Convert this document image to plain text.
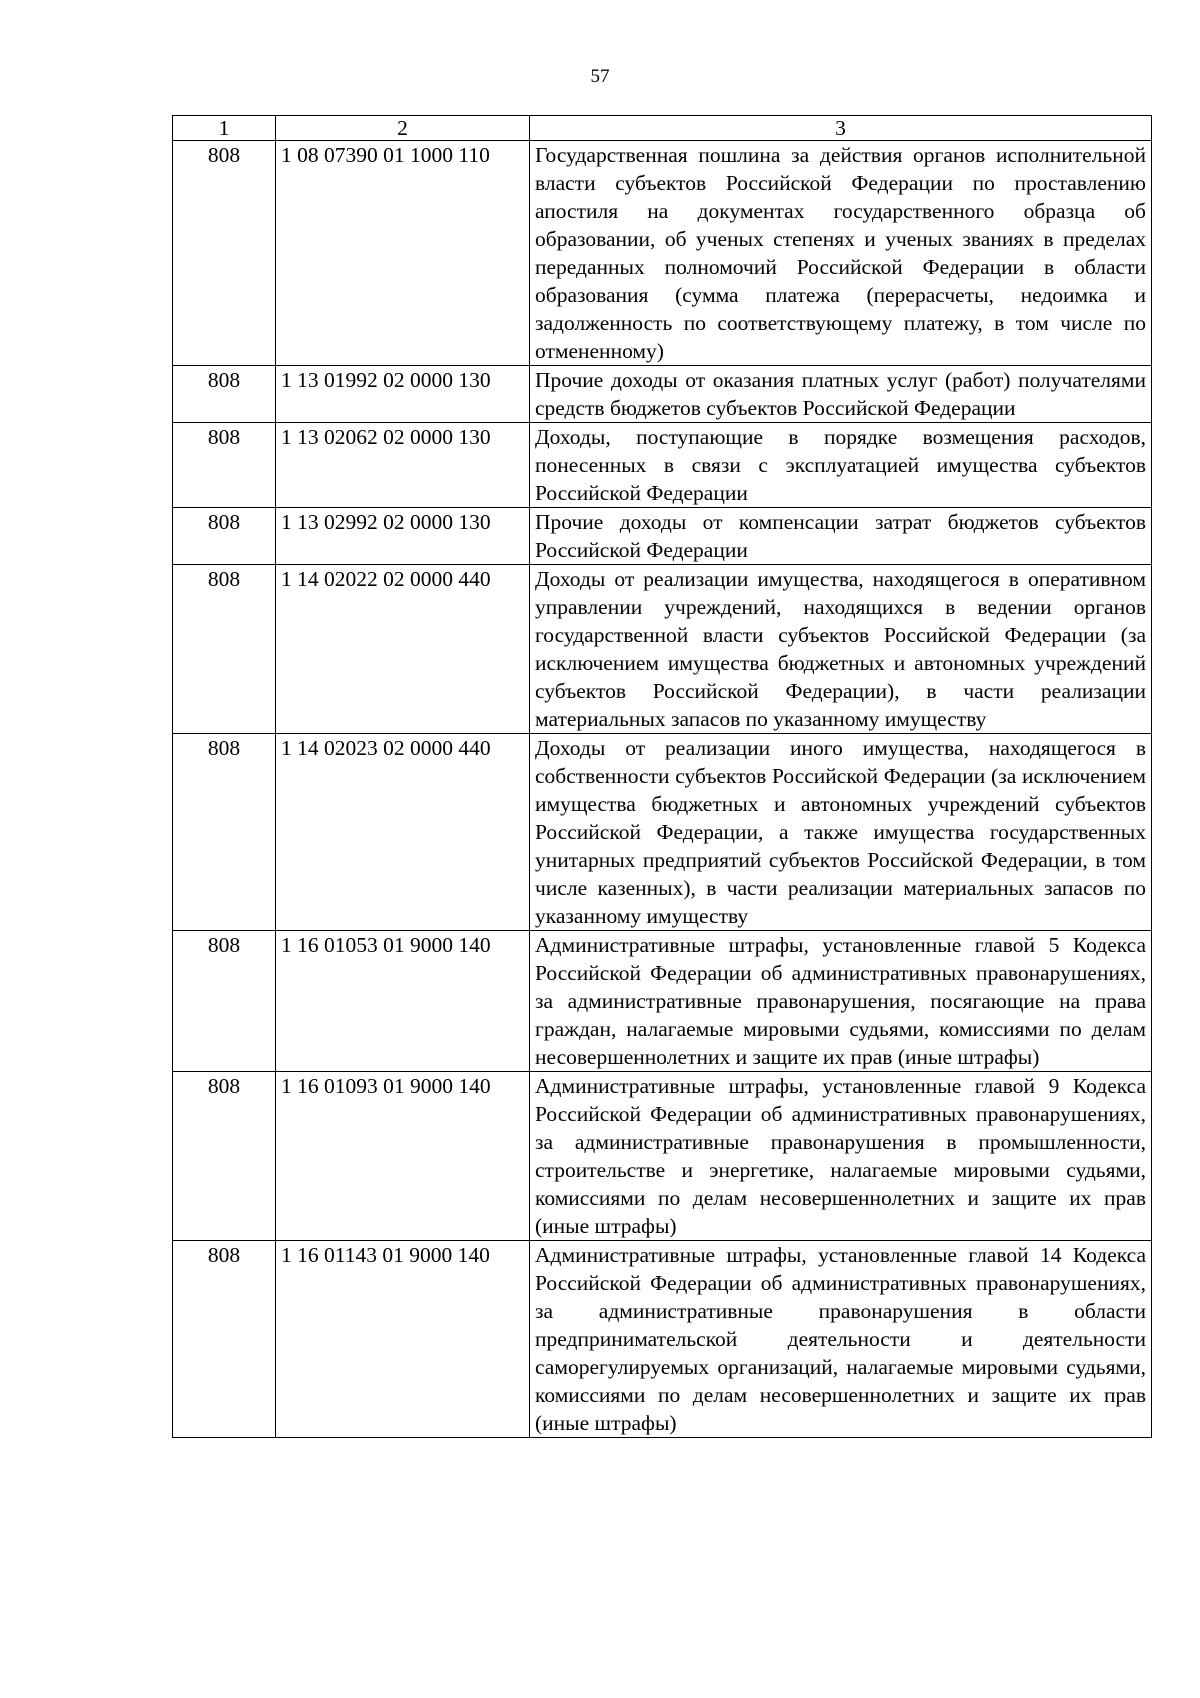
57
1	2	3
808	1 08 07390 01 1000 110	Государственная пошлина за действия органов исполнительной власти субъектов Российской Федерации по проставлению апостиля на документах государственного образца об образовании, об ученых степенях и ученых званиях в пределах переданных полномочий Российской Федерации в области образования (сумма платежа (перерасчеты, недоимка и задолженность по соответствующему платежу, в том числе по отмененному)
808	1 13 01992 02 0000 130	Прочие доходы от оказания платных услуг (работ) получателями средств бюджетов субъектов Российской Федерации
808	1 13 02062 02 0000 130	Доходы, поступающие в порядке возмещения расходов, понесенных в связи с эксплуатацией имущества субъектов Российской Федерации
808	1 13 02992 02 0000 130	Прочие доходы от компенсации затрат бюджетов субъектов Российской Федерации
808	1 14 02022 02 0000 440	Доходы от реализации имущества, находящегося в оперативном управлении учреждений, находящихся в ведении органов государственной власти субъектов Российской Федерации (за исключением имущества бюджетных и автономных учреждений субъектов Российской Федерации), в части реализации материальных запасов по указанному имуществу
808	1 14 02023 02 0000 440	Доходы от реализации иного имущества, находящегося в собственности субъектов Российской Федерации (за исключением имущества бюджетных и автономных учреждений субъектов Российской Федерации, а также имущества государственных унитарных предприятий субъектов Российской Федерации, в том числе казенных), в части реализации материальных запасов по указанному имуществу
808	1 16 01053 01 9000 140	Административные штрафы, установленные главой 5 Кодекса Российской Федерации об административных правонарушениях, за административные правонарушения, посягающие на права граждан, налагаемые мировыми судьями, комиссиями по делам несовершеннолетних и защите их прав (иные штрафы)
808	1 16 01093 01 9000 140	Административные штрафы, установленные главой 9 Кодекса Российской Федерации об административных правонарушениях, за административные правонарушения в промышленности, строительстве и энергетике, налагаемые мировыми судьями, комиссиями по делам несовершеннолетних и защите их прав (иные штрафы)
808	1 16 01143 01 9000 140	Административные штрафы, установленные главой 14 Кодекса Российской Федерации об административных правонарушениях, за административные правонарушения в области предпринимательской деятельности и деятельности саморегулируемых организаций, налагаемые мировыми судьями, комиссиями по делам несовершеннолетних и защите их прав (иные штрафы)
